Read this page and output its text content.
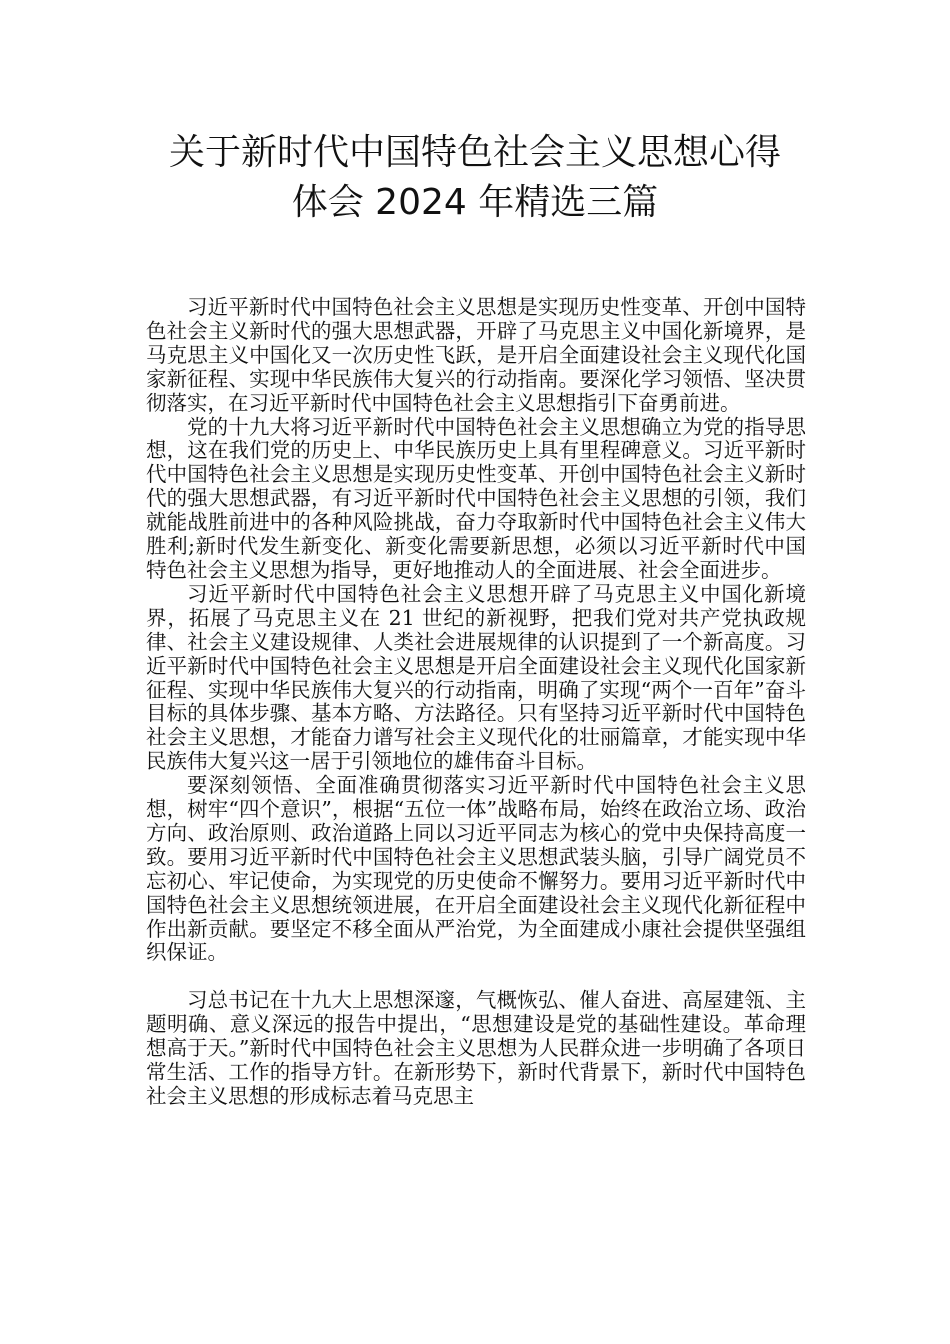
关于新时代中国特色社会主义思想心得
体会 2024 年精选三篇

习近平新时代中国特色社会主义思想是实现历史性变革、开创中国特色社会主义新时代的强大思想武器，开辟了马克思主义中国化新境界，是马克思主义中国化又一次历史性飞跃，是开启全面建设社会主义现代化国家新征程、实现中华民族伟大复兴的行动指南。要深化学习领悟、坚决贯彻落实，在习近平新时代中国特色社会主义思想指引下奋勇前进。

党的十九大将习近平新时代中国特色社会主义思想确立为党的指导思想，这在我们党的历史上、中华民族历史上具有里程碑意义。习近平新时代中国特色社会主义思想是实现历史性变革、开创中国特色社会主义新时代的强大思想武器，有习近平新时代中国特色社会主义思想的引领，我们就能战胜前进中的各种风险挑战，奋力夺取新时代中国特色社会主义伟大胜利;新时代发生新变化、新变化需要新思想，必须以习近平新时代中国特色社会主义思想为指导，更好地推动人的全面进展、社会全面进步。

习近平新时代中国特色社会主义思想开辟了马克思主义中国化新境界，拓展了马克思主义在 21 世纪的新视野，把我们党对共产党执政规律、社会主义建设规律、人类社会进展规律的认识提到了一个新高度。习近平新时代中国特色社会主义思想是开启全面建设社会主义现代化国家新征程、实现中华民族伟大复兴的行动指南，明确了实现“两个一百年”奋斗目标的具体步骤、基本方略、方法路径。只有坚持习近平新时代中国特色社会主义思想，才能奋力谱写社会主义现代化的壮丽篇章，才能实现中华民族伟大复兴这一居于引领地位的雄伟奋斗目标。

要深刻领悟、全面准确贯彻落实习近平新时代中国特色社会主义思想，树牢“四个意识”，根据“五位一体”战略布局，始终在政治立场、政治方向、政治原则、政治道路上同以习近平同志为核心的党中央保持高度一致。要用习近平新时代中国特色社会主义思想武装头脑，引导广阔党员不忘初心、牢记使命，为实现党的历史使命不懈努力。要用习近平新时代中国特色社会主义思想统领进展，在开启全面建设社会主义现代化新征程中作出新贡献。要坚定不移全面从严治党，为全面建成小康社会提供坚强组织保证。

习总书记在十九大上思想深邃，气概恢弘、催人奋进、高屋建瓴、主题明确、意义深远的报告中提出，“思想建设是党的基础性建设。革命理想高于天。”新时代中国特色社会主义思想为人民群众进一步明确了各项日常生活、工作的指导方针。在新形势下，新时代背景下，新时代中国特色社会主义思想的形成标志着马克思主
